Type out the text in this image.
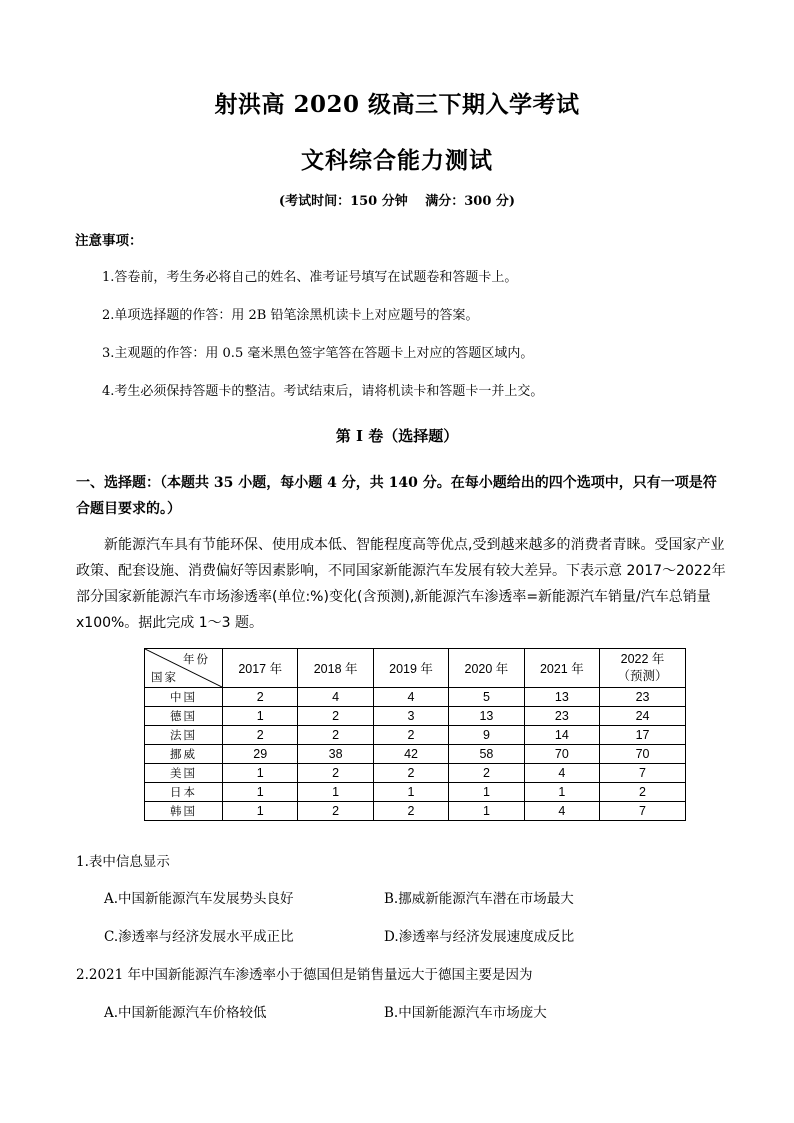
射洪高 2020 级高三下期入学考试
文科综合能力测试
(考试时间：150 分钟　 满分：300 分)
注意事项：
1.答卷前，考生务必将自己的姓名、准考证号填写在试题卷和答题卡上。
2.单项选择题的作答：用 2B 铅笔涂黑机读卡上对应题号的答案。
3.主观题的作答：用 0.5 毫米黑色签字笔答在答题卡上对应的答题区域内。
4.考生必须保持答题卡的整洁。考试结束后，请将机读卡和答题卡一并上交。
第 I 卷（选择题）
一、选择题：（本题共 35 小题，每小题 4 分，共 140 分。在每小题给出的四个选项中，只有一项是符合题目要求的。）
新能源汽车具有节能环保、使用成本低、智能程度高等优点,受到越来越多的消费者青睐。受国家产业政策、配套设施、消费偏好等因素影响，不同国家新能源汽车发展有较大差异。下表示意 2017～2022年部分国家新能源汽车市场渗透率(单位:%)变化(含预测),新能源汽车渗透率=新能源汽车销量/汽车总销量 x100%。据此完成 1～3 题。
年份
国家	2017 年	2018 年	2019 年	2020 年	2021 年	2022 年
（预测）
中国	2	4	4	5	13	23
德国	1	2	3	13	23	24
法国	2	2	2	9	14	17
挪威	29	38	42	58	70	70
美国	1	2	2	2	4	7
日本	1	1	1	1	1	2
韩国	1	2	2	1	4	7
1.表中信息显示
A.中国新能源汽车发展势头良好	B.挪威新能源汽车潜在市场最大
C.渗透率与经济发展水平成正比	D.渗透率与经济发展速度成反比
2.2021 年中国新能源汽车渗透率小于德国但是销售量远大于德国主要是因为
A.中国新能源汽车价格较低	B.中国新能源汽车市场庞大
